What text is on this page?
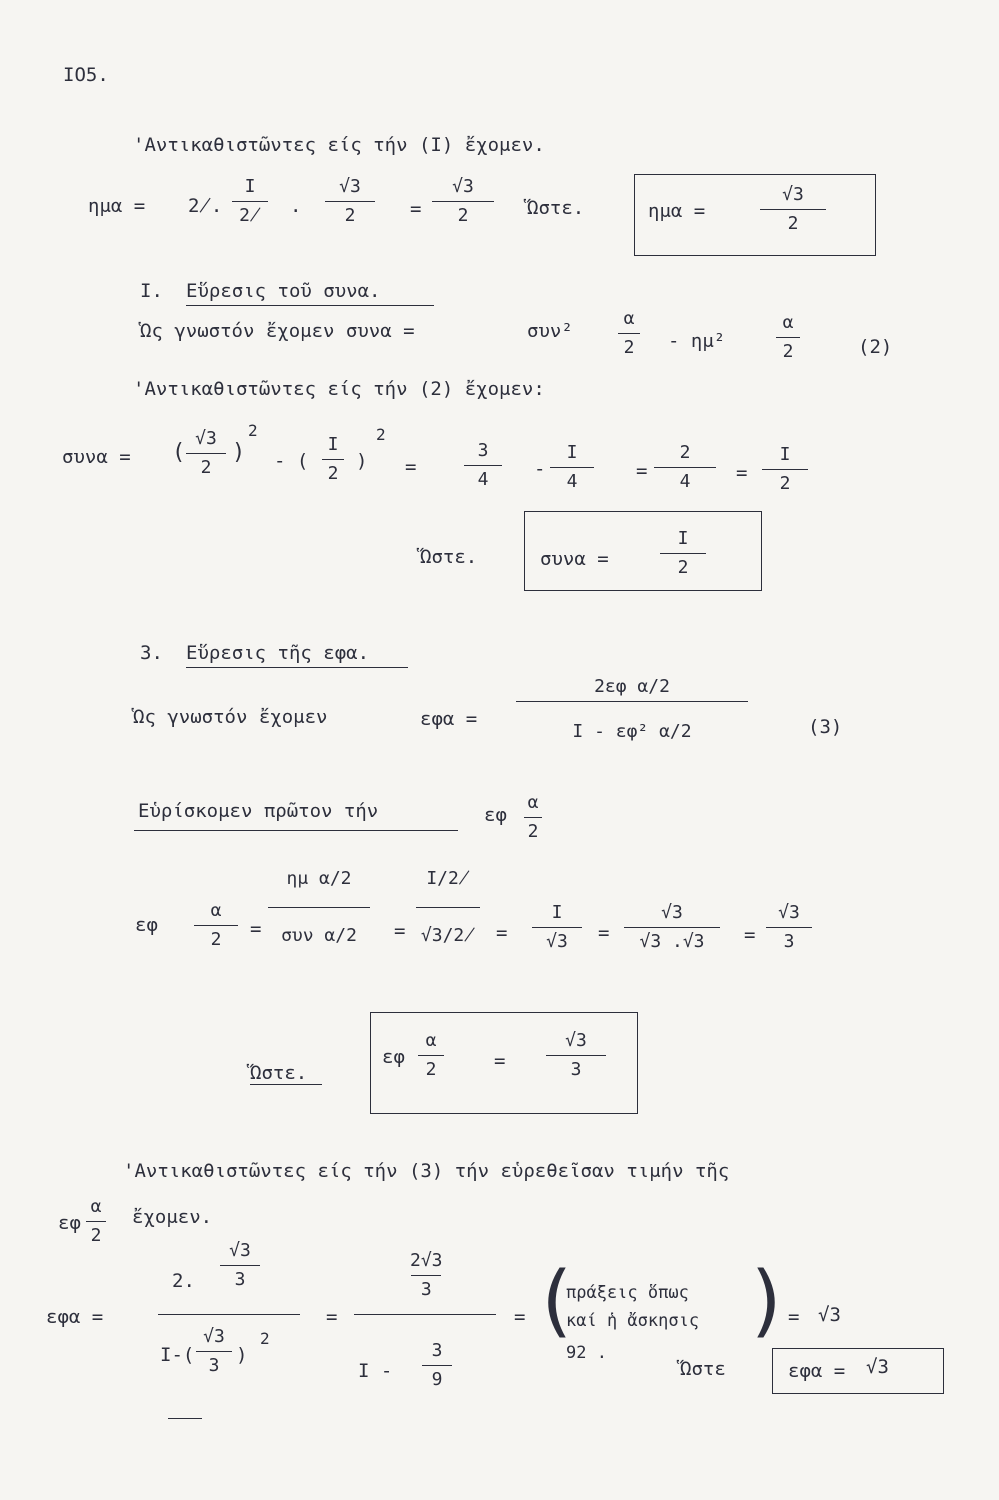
IO5.
'Αντικαθιστῶντες είς τήν (I) ἔχομεν.
ημα = 2̸.
I
2̸ .
√3
2	=
√3
2	Ὥστε.	ημα =
√3
2
I. Εὕρεσις τοῦ συνα.
Ὡς γνωστόν ἔχομεν συνα =	συν²
α
2 - ημ²
α
2	(2)
'Αντικαθιστῶντες είς τήν (2) ἔχομεν:
συνα = (
√3
2
)
2
- (
I
2
)
2
=
3
4 -
I
4	=
2
4 =
I
2
Ὥστε.	συνα =
I
2
3. Εὕρεσις τῆς εφα.
Ὡς γνωστόν ἔχομεν	εφα =
2εφ α/2
I - εφ² α/2	(3)
Εὑρίσκομεν πρῶτον τήν	εφ
α
2
εφ
α
2 =
ημ α/2
συν α/2 =
I/2̸
√3/2̸ =
I
√3 =
√3
√3 .√3 =
√3
3
Ὥστε.
εφ
α
2	=
√3
3
'Αντικαθιστῶντες είς τήν (3) τήν εὑρεθεῖσαν τιμήν τῆς
εφ
α
2
ἔχομεν.
εφα =
2.
√3
3
I-(
√3
3 )
2
=
2√3
3
I -
3
9
= (
πράξεις ὅπως
καί ἡ ἄσκησις
92 .
)
= √3
Ὥστε	εφα = √3
